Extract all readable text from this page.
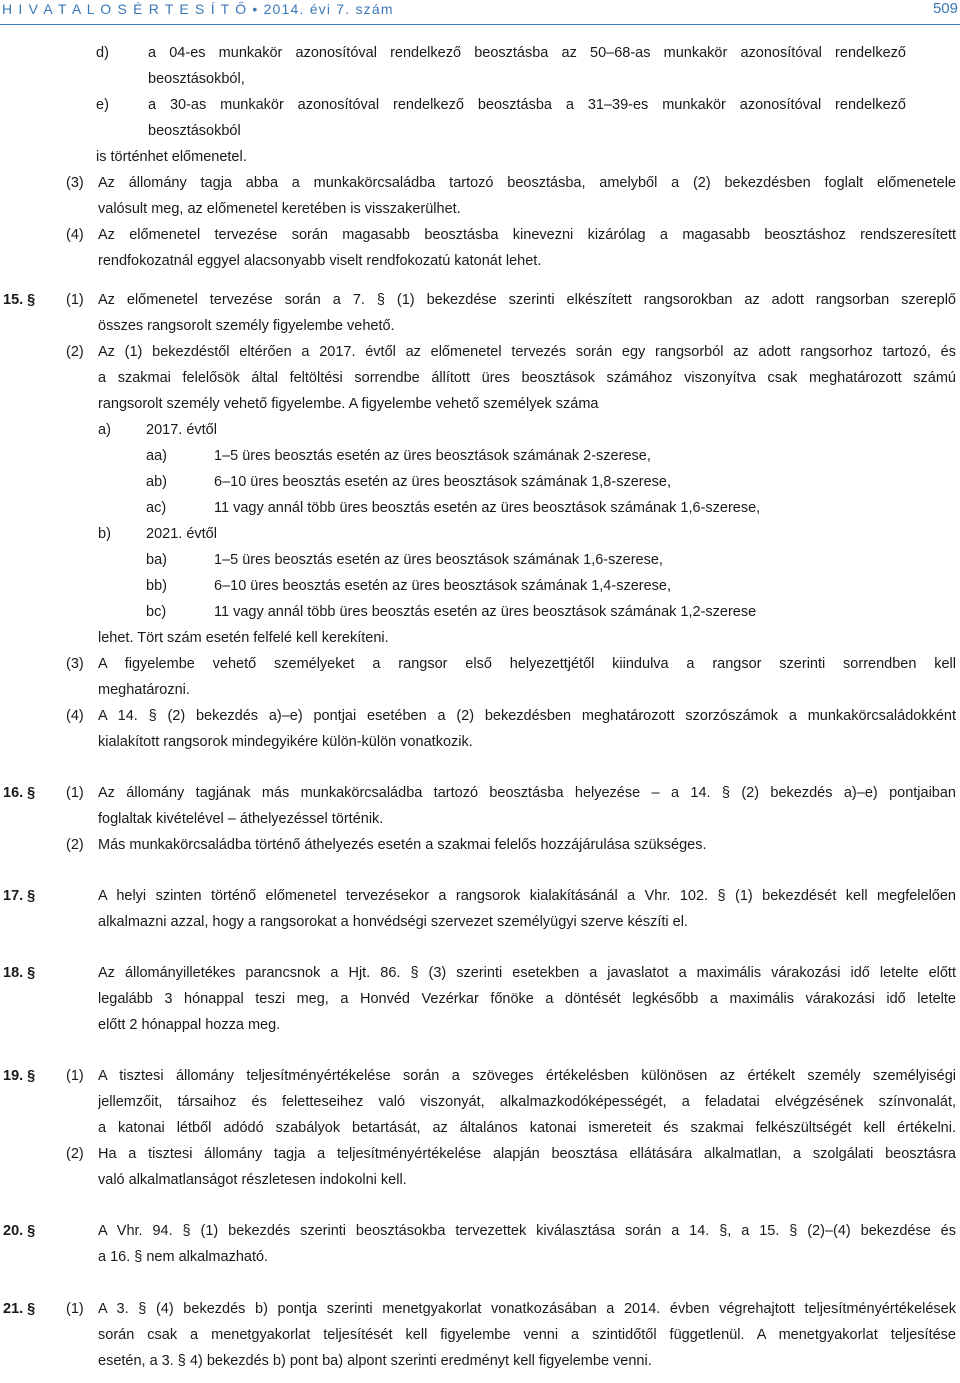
H I V A T A L O S É R T E S Í T Ő • 2014. évi 7. szám	509
d)	a 04-es munkakör azonosítóval rendelkező beosztásba az 50–68-as munkakör azonosítóval rendelkező
beosztásokból,
e)	a 30-as munkakör azonosítóval rendelkező beosztásba a 31–39-es munkakör azonosítóval rendelkező
beosztásokból
is történhet előmenetel.
(3) Az állomány tagja abba a munkakörcsaládba tartozó beosztásba, amelyből a (2) bekezdésben foglalt előmenetele
valósult meg, az előmenetel keretében is visszakerülhet.
(4) Az előmenetel tervezése során magasabb beosztásba kinevezni kizárólag a magasabb beosztáshoz rendszeresített
rendfokozatnál eggyel alacsonyabb viselt rendfokozatú katonát lehet.
15. § (1) Az előmenetel tervezése során a 7. § (1) bekezdése szerinti elkészített rangsorokban az adott rangsorban szereplő
összes rangsorolt személy figyelembe vehető.
(2) Az (1) bekezdéstől eltérően a 2017. évtől az előmenetel tervezés során egy rangsorból az adott rangsorhoz tartozó, és
a szakmai felelősök által feltöltési sorrendbe állított üres beosztások számához viszonyítva csak meghatározott számú
rangsorolt személy vehető figyelembe. A figyelembe vehető személyek száma
a) 2017. évtől
aa)	1–5 üres beosztás esetén az üres beosztások számának 2-szerese,
ab)	6–10 üres beosztás esetén az üres beosztások számának 1,8-szerese,
ac)	11 vagy annál több üres beosztás esetén az üres beosztások számának 1,6-szerese,
b) 2021. évtől
ba)	1–5 üres beosztás esetén az üres beosztások számának 1,6-szerese,
bb)	6–10 üres beosztás esetén az üres beosztások számának 1,4-szerese,
bc)	11 vagy annál több üres beosztás esetén az üres beosztások számának 1,2-szerese
lehet. Tört szám esetén felfelé kell kerekíteni.
(3) A figyelembe vehető személyeket a rangsor első helyezettjétől kiindulva a rangsor szerinti sorrendben kell
meghatározni.
(4) A 14. § (2) bekezdés a)–e) pontjai esetében a (2) bekezdésben meghatározott szorzószámok a munkakörcsaládokként
kialakított rangsorok mindegyikére külön-külön vonatkozik.
16. § (1) Az állomány tagjának más munkakörcsaládba tartozó beosztásba helyezése – a 14. § (2) bekezdés a)–e) pontjaiban
foglaltak kivételével – áthelyezéssel történik.
(2) Más munkakörcsaládba történő áthelyezés esetén a szakmai felelős hozzájárulása szükséges.
17. §	A helyi szinten történő előmenetel tervezésekor a rangsorok kialakításánál a Vhr. 102. § (1) bekezdését kell megfelelően
alkalmazni azzal, hogy a rangsorokat a honvédségi szervezet személyügyi szerve készíti el.
18. §	Az állományilletékes parancsnok a Hjt. 86. § (3) szerinti esetekben a javaslatot a maximális várakozási idő letelte előtt
legalább 3 hónappal teszi meg, a Honvéd Vezérkar főnöke a döntését legkésőbb a maximális várakozási idő letelte
előtt 2 hónappal hozza meg.
19. § (1) A tisztesi állomány teljesítményértékelése során a szöveges értékelésben különösen az értékelt személy személyiségi
jellemzőit, társaihoz és feletteseihez való viszonyát, alkalmazkodóképességét, a feladatai elvégzésének színvonalát,
a katonai létből adódó szabályok betartását, az általános katonai ismereteit és szakmai felkészültségét kell értékelni.
(2) Ha a tisztesi állomány tagja a teljesítményértékelése alapján beosztása ellátására alkalmatlan, a szolgálati beosztásra
való alkalmatlanságot részletesen indokolni kell.
20. §	A Vhr. 94. § (1) bekezdés szerinti beosztásokba tervezettek kiválasztása során a 14. §, a 15. § (2)–(4) bekezdése és
a 16. § nem alkalmazható.
21. § (1) A 3. § (4) bekezdés b) pontja szerinti menetgyakorlat vonatkozásában a 2014. évben végrehajtott teljesítményértékelések
során csak a menetgyakorlat teljesítését kell figyelembe venni a szintidőtől függetlenül. A menetgyakorlat teljesítése
esetén, a 3. § 4) bekezdés b) pont ba) alpont szerinti eredményt kell figyelembe venni.
